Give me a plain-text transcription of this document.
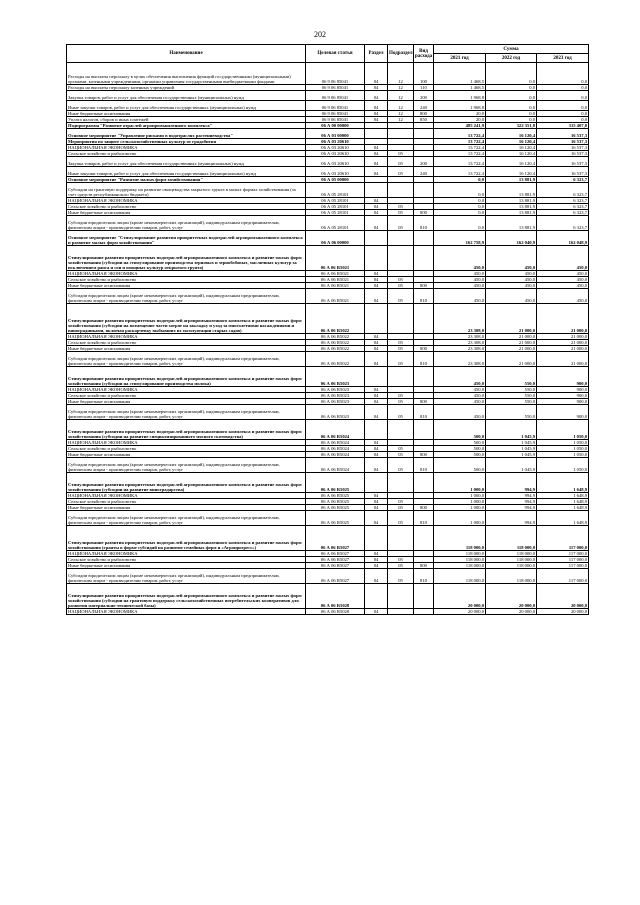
202
Наименование	Целевая статья	Раздел	Подраздел	Вид расхода	Сумма		
					2021 год	2022 год	2023 год
Расходы на выплаты персоналу в целях обеспечения выполнения функций государственными (муниципальными) органами, казенными учреждениями, органами управления государственными внебюджетными фондами	06 9 06 85041	04	12	100	1 468,5	0,0	0,0
Расходы на выплаты персоналу казенных учреждений	06 9 06 85041	04	12	110	1 468,5	0,0	0,0
Закупка товаров, работ и услуг для обеспечения государственных (муниципальных) нужд	06 9 06 85041	04	12	200	1 968,8	0,0	0,0
Иные закупки товаров, работ и услуг для обеспечения государственных (муниципальных) нужд	06 9 06 85041	04	12	240	1 968,8	0,0	0,0
Иные бюджетные ассигнования	06 9 06 85041	04	12	800	20,0	0,0	0,0
Уплата налогов, сборов и иных платежей	06 9 06 85041	04	12	850	20,0	0,0	0,0
Подпрограмма "Развитие отраслей агропромышленного комплекса"	06 А 00 00000				485 241,9	322 351,8	315 407,0
Основное мероприятие "Управление рисками в подотраслях растениеводства"	06 А 03 00000				13 722,4	16 120,4	16 537,3
Мероприятия по защите сельскохозяйственных культур от градобития	06 А 03 20610				13 722,4	16 120,4	16 537,3
НАЦИОНАЛЬНАЯ ЭКОНОМИКА	06 А 03 20610	04			13 722,4	16 120,4	16 537,3
Сельское хозяйство и рыболовство	06 А 03 20610	04	05		13 722,4	16 120,4	16 537,3
Закупка товаров, работ и услуг для обеспечения государственных (муниципальных) нужд	06 А 03 20610	04	05	200	13 722,4	16 120,4	16 537,3
Иные закупки товаров, работ и услуг для обеспечения государственных (муниципальных) нужд	06 А 03 20610	04	05	240	13 722,4	16 120,4	16 537,3
Основное мероприятие "Развитие малых форм хозяйствования"	06 А 05 00000				0,0	13 881,9	6 323,7
Субсидии на грантовую поддержку на развитие овощеводства закрытого грунта в малых формах хозяйствования (за счет средств республиканского бюджета)	06 А 05 28101				0,0	13 881,9	6 323,7
НАЦИОНАЛЬНАЯ ЭКОНОМИКА	06 А 05 28101	04			0,0	13 881,9	6 323,7
Сельское хозяйство и рыболовство	06 А 05 28101	04	05		0,0	13 881,9	6 323,7
Иные бюджетные ассигнования	06 А 05 28101	04	05	800	0,0	13 881,9	6 323,7
Субсидии юридическим лицам (кроме некоммерческих организаций), индивидуальным предпринимателям, физическим лицам - производителям товаров, работ, услуг	06 А 05 28101	04	05	810	0,0	13 881,9	6 323,7
Основное мероприятие "Стимулирование развития приоритетных подотраслей агропромышленного комплекса и развитие малых форм хозяйствования"	06 А 06 00000				162 758,9	162 040,9	162 048,9
Стимулирование развития приоритетных подотраслей агропромышленного комплекса и развитие малых форм хозяйствования (субсидии на стимулирование производства зерновых и зернобобовых, масличных культур за исключением рапса и сои и овощных культур открытого грунта)	06 А 06 R5021				450,0	450,0	450,0
НАЦИОНАЛЬНАЯ ЭКОНОМИКА	06 А 06 R5021	04			450,0	450,0	450,0
Сельское хозяйство и рыболовство	06 А 06 R5021	04	05		450,0	450,0	450,0
Иные бюджетные ассигнования	06 А 06 R5021	04	05	800	450,0	450,0	450,0
Субсидии юридическим лицам (кроме некоммерческих организаций), индивидуальным предпринимателям, физическим лицам - производителям товаров, работ, услуг	06 А 06 R5021	04	05	810	450,0	450,0	450,0
Стимулирование развития приоритетных подотраслей агропромышленного комплекса и развитие малых форм хозяйствования (субсидии на возмещение части затрат на закладку и уход за многолетними насаждениями и виноградниками, включая раскорчевку выбывших из эксплуатации старых садов)	06 А 06 R5022				23 308,0	21 000,0	21 000,0
НАЦИОНАЛЬНАЯ ЭКОНОМИКА	06 А 06 R5022	04			23 308,0	21 000,0	21 000,0
Сельское хозяйство и рыболовство	06 А 06 R5022	04	05		23 308,0	21 000,0	21 000,0
Иные бюджетные ассигнования	06 А 06 R5022	04	05	800	23 308,0	21 000,0	21 000,0
Субсидии юридическим лицам (кроме некоммерческих организаций), индивидуальным предпринимателям, физическим лицам - производителям товаров, работ, услуг	06 А 06 R5022	04	05	810	23 308,0	21 000,0	21 000,0
Стимулирование развития приоритетных подотраслей агропромышленного комплекса и развитие малых форм хозяйствования (субсидии на стимулирование производства молока)	06 А 06 R5023				450,0	550,0	900,0
НАЦИОНАЛЬНАЯ ЭКОНОМИКА	06 А 06 R5023	04			450,0	550,0	900,0
Сельское хозяйство и рыболовство	06 А 06 R5023	04	05		450,0	550,0	900,0
Иные бюджетные ассигнования	06 А 06 R5023	04	05	800	450,0	550,0	900,0
Субсидии юридическим лицам (кроме некоммерческих организаций), индивидуальным предпринимателям, физическим лицам - производителям товаров, работ, услуг	06 А 06 R5023	04	05	810	450,0	550,0	900,0
Стимулирование развития приоритетных подотраслей агропромышленного комплекса и развитие малых форм хозяйствования (субсидии на развитие специализированного мясного скотоводства)	06 А 06 R5024				500,0	1 045,9	1 050,0
НАЦИОНАЛЬНАЯ ЭКОНОМИКА	06 А 06 R5024	04			500,0	1 045,9	1 050,0
Сельское хозяйство и рыболовство	06 А 06 R5024	04	05		500,0	1 045,9	1 050,0
Иные бюджетные ассигнования	06 А 06 R5024	04	05	800	500,0	1 045,9	1 050,0
Субсидии юридическим лицам (кроме некоммерческих организаций), индивидуальным предпринимателям, физическим лицам - производителям товаров, работ, услуг	06 А 06 R5024	04	05	810	500,0	1 045,9	1 050,0
Стимулирование развития приоритетных подотраслей агропромышленного комплекса и развитие малых форм хозяйствования (субсидии на развитие виноградарства)	06 А 06 R5025				1 000,0	994,9	1 648,9
НАЦИОНАЛЬНАЯ ЭКОНОМИКА	06 А 06 R5025	04			1 000,0	994,9	1 648,9
Сельское хозяйство и рыболовство	06 А 06 R5025	04	05		1 000,0	994,9	1 648,9
Иные бюджетные ассигнования	06 А 06 R5025	04	05	800	1 000,0	994,9	1 648,9
Субсидии юридическим лицам (кроме некоммерческих организаций), индивидуальным предпринимателям, физическим лицам - производителям товаров, работ, услуг	06 А 06 R5025	04	05	810	1 000,0	994,9	1 648,9
Стимулирование развития приоритетных подотраслей агропромышленного комплекса и развитие малых форм хозяйствования (гранты в форме субсидий на развитие семейных ферм и «Агропрогресс»)	06 А 06 R5027				118 000,0	118 000,0	117 000,0
НАЦИОНАЛЬНАЯ ЭКОНОМИКА	06 А 06 R5027	04			118 000,0	118 000,0	117 000,0
Сельское хозяйство и рыболовство	06 А 06 R5027	04	05		118 000,0	118 000,0	117 000,0
Иные бюджетные ассигнования	06 А 06 R5027	04	05	800	118 000,0	118 000,0	117 000,0
Субсидии юридическим лицам (кроме некоммерческих организаций), индивидуальным предпринимателям, физическим лицам - производителям товаров, работ, услуг	06 А 06 R5027	04	05	810	118 000,0	118 000,0	117 000,0
Стимулирование развития приоритетных подотраслей агропромышленного комплекса и развитие малых форм хозяйствования (субсидии на грантовую поддержку сельскохозяйственных потребительских кооперативов для развития материально-технической базы)	06 А 06 R5028				20 000,0	20 000,0	20 000,0
НАЦИОНАЛЬНАЯ ЭКОНОМИКА	06 А 06 R5028	04			20 000,0	20 000,0	20 000,0
